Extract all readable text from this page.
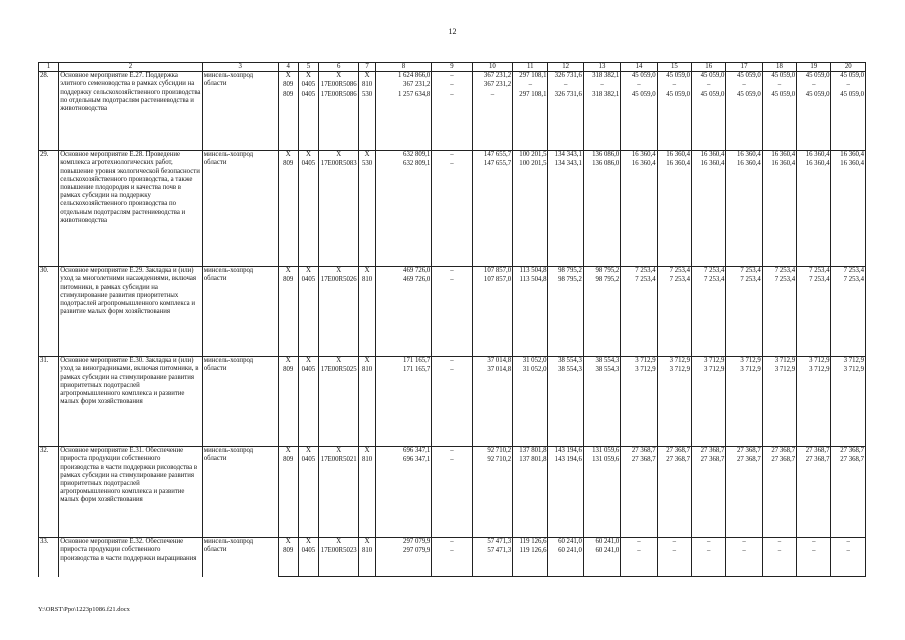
12
1	2	3	4	5	6	7	8	9	10	11	12	13	14	15	16	17	18	19	20
28.	Основное мероприятие Е.27. Поддержка элитного семеноводства в рамках субсидии на поддержку сельскохозяйственного производства по отдельным подотраслям растениеводства и животноводства	минсель-хозпрод области	X	X	X	X	1 624 866,0	–	367 231,2	297 108,1	326 731,6	318 382,1	45 059,0	45 059,0	45 059,0	45 059,0	45 059,0	45 059,0	45 059,0
			809	0405	17Е00R5086	810	367 231,2	–	367 231,2	–	–	–	–	–	–	–	–	–	–
			809	0405	17Е00R5086	530	1 257 634,8	–	–	297 108,1	326 731,6	318 382,1	45 059,0	45 059,0	45 059,0	45 059,0	45 059,0	45 059,0	45 059,0
29.	Основное мероприятие Е.28. Проведение комплекса агротехнологических работ, повышение уровня экологической безопасности сельскохозяйственного производства, а также повышение плодородия и качества почв в рамках субсидии на поддержку сельскохозяйственного производства по отдельным подотраслям растениеводства и животноводства	минсель-хозпрод области	X	X	X	X	632 809,1	–	147 655,7	100 201,5	134 343,1	136 086,0	16 360,4	16 360,4	16 360,4	16 360,4	16 360,4	16 360,4	16 360,4
			809	0405	17Е00R5083	530	632 809,1	–	147 655,7	100 201,5	134 343,1	136 086,0	16 360,4	16 360,4	16 360,4	16 360,4	16 360,4	16 360,4	16 360,4
30.	Основное мероприятие Е.29. Закладка и (или) уход за многолетними насаждениями, включая питомники, в рамках субсидии на стимулирование развития приоритетных подотраслей агропромышленного комплекса и развитие малых форм хозяйствования	минсель-хозпрод области	X	X	X	X	469 726,0	–	107 857,0	113 504,8	98 795,2	98 795,2	7 253,4	7 253,4	7 253,4	7 253,4	7 253,4	7 253,4	7 253,4
			809	0405	17Е00R5026	810	469 726,0	–	107 857,0	113 504,8	98 795,2	98 795,2	7 253,4	7 253,4	7 253,4	7 253,4	7 253,4	7 253,4	7 253,4
31.	Основное мероприятие Е.30. Закладка и (или) уход за виноградниками, включая питомники, в рамках субсидии на стимулирование развития приоритетных подотраслей агропромышленного комплекса и развитие малых форм хозяйствования	минсель-хозпрод области	X	X	X	X	171 165,7	–	37 014,8	31 052,0	38 554,3	38 554,3	3 712,9	3 712,9	3 712,9	3 712,9	3 712,9	3 712,9	3 712,9
			809	0405	17Е00R5025	810	171 165,7	–	37 014,8	31 052,0	38 554,3	38 554,3	3 712,9	3 712,9	3 712,9	3 712,9	3 712,9	3 712,9	3 712,9
32.	Основное мероприятие Е.31. Обеспечение прироста продукции собственного производства в части поддержки рисоводства в рамках субсидии на стимулирование развития приоритетных подотраслей агропромышленного комплекса и развитие малых форм хозяйствования	минсель-хозпрод области	X	X	X	X	696 347,1	–	92 710,2	137 801,8	143 194,6	131 059,6	27 368,7	27 368,7	27 368,7	27 368,7	27 368,7	27 368,7	27 368,7
			809	0405	17Е00R5021	810	696 347,1	–	92 710,2	137 801,8	143 194,6	131 059,6	27 368,7	27 368,7	27 368,7	27 368,7	27 368,7	27 368,7	27 368,7
33.	Основное мероприятие Е.32. Обеспечение прироста продукции собственного производства в части поддержки выращивания	минсель-хозпрод области	X	X	X	X	297 079,9	–	57 471,3	119 126,6	60 241,0	60 241,0	–	–	–	–	–	–	–
			809	0405	17Е00R5023	810	297 079,9	–	57 471,3	119 126,6	60 241,0	60 241,0	–	–	–	–	–	–	–
Y:\ORST\Ppo\1223p1086.f21.docx
